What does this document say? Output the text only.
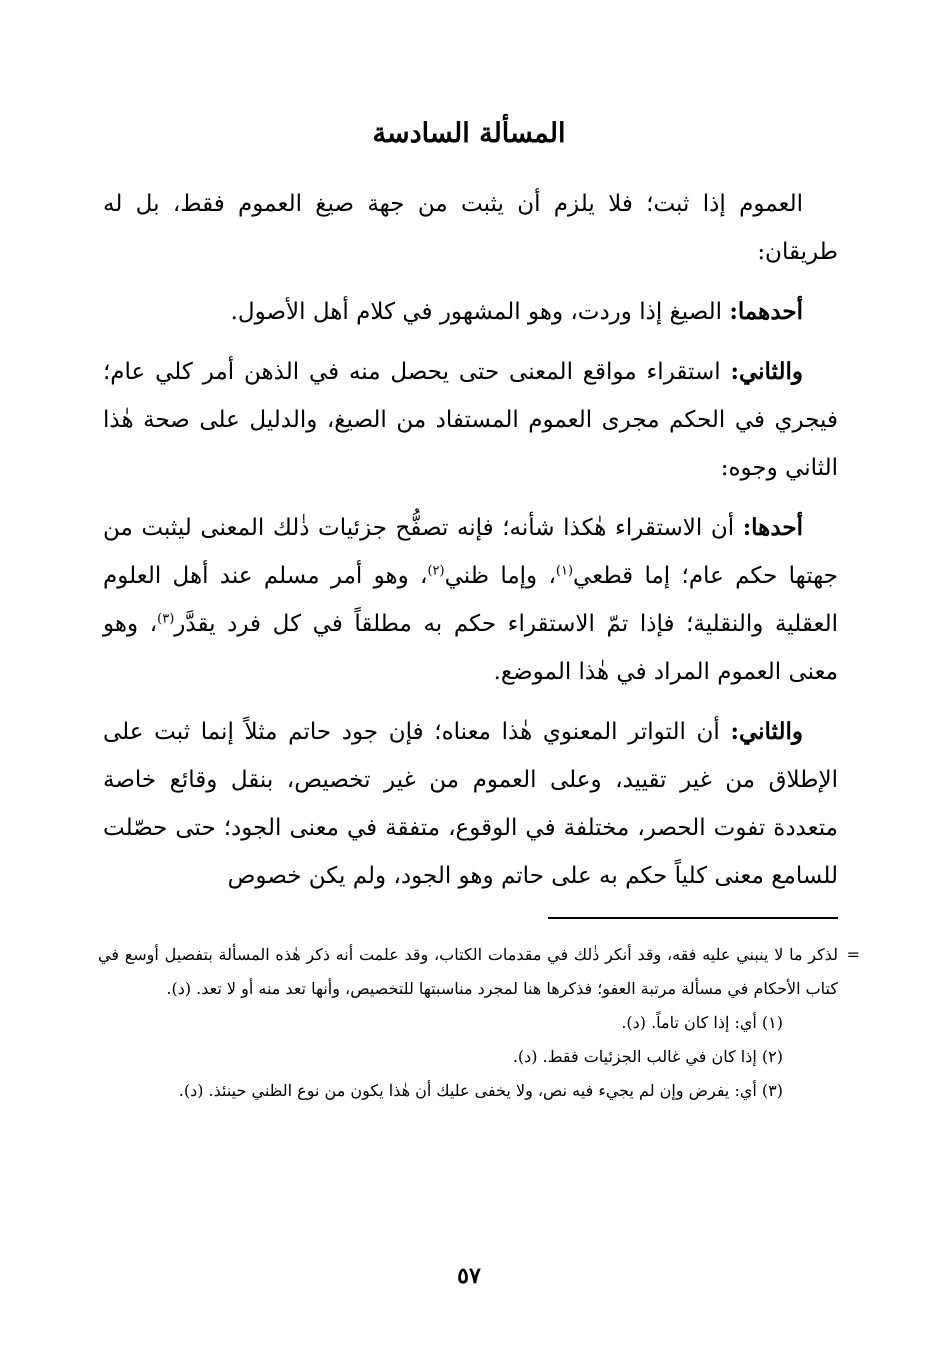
المسألة السادسة

العموم إذا ثبت؛ فلا يلزم أن يثبت من جهة صيغ العموم فقط، بل له طريقان:

أحدهما: الصيغ إذا وردت، وهو المشهور في كلام أهل الأصول.

والثاني: استقراء مواقع المعنى حتى يحصل منه في الذهن أمر كلي عام؛ فيجري في الحكم مجرى العموم المستفاد من الصيغ، والدليل على صحة هٰذا الثاني وجوه:

أحدها: أن الاستقراء هٰكذا شأنه؛ فإنه تصفُّح جزئيات ذٰلك المعنى ليثبت من جهتها حكم عام؛ إما قطعي$^{(١)}$، وإما ظني$^{(٢)}$، وهو أمر مسلم عند أهل العلوم العقلية والنقلية؛ فإذا تمّ الاستقراء حكم به مطلقاً في كل فرد يقدَّر$^{(٣)}$، وهو معنى العموم المراد في هٰذا الموضع.

والثاني: أن التواتر المعنوي هٰذا معناه؛ فإن جود حاتم مثلاً إنما ثبت على الإطلاق من غير تقييد، وعلى العموم من غير تخصيص، بنقل وقائع خاصة متعددة تفوت الحصر، مختلفة في الوقوع، متفقة في معنى الجود؛ حتى حصّلت للسامع معنى كلياً حكم به على حاتم وهو الجود، ولم يكن خصوص

=
لذكر ما لا ينبني عليه فقه، وقد أنكر ذٰلك في مقدمات الكتاب، وقد علمت أنه ذكر هٰذه المسألة بتفصيل أوسع في كتاب الأحكام في مسألة مرتبة العفو؛ فذكرها هنا لمجرد مناسبتها للتخصيص، وأنها تعد منه أو لا تعد. (د).

(١) أي: إذا كان تاماً. (د).

(٢) إذا كان في غالب الجزئيات فقط. (د).

(٣) أي: يفرض وإن لم يجيء فيه نص، ولا يخفى عليك أن هٰذا يكون من نوع الظني حينئذ. (د).

٥٧
